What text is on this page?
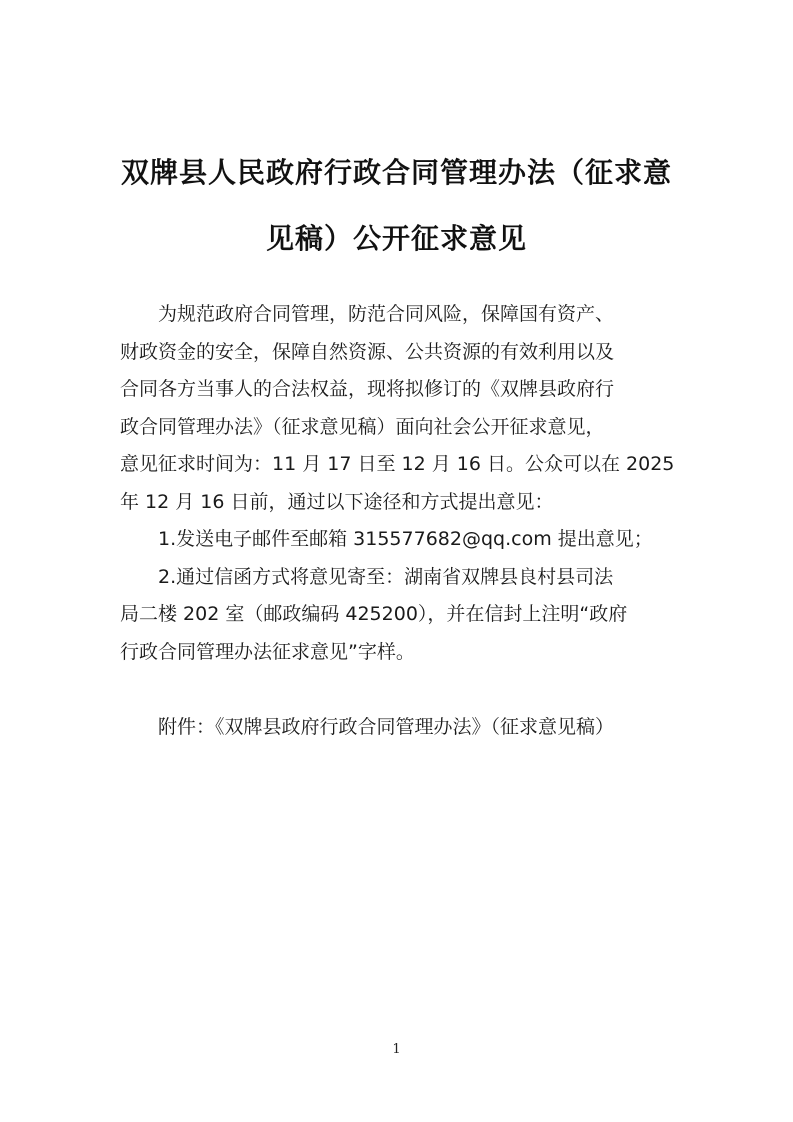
双牌县人民政府行政合同管理办法（征求意
见稿）公开征求意见
为规范政府合同管理，防范合同风险，保障国有资产、
财政资金的安全，保障自然资源、公共资源的有效利用以及
合同各方当事人的合法权益，现将拟修订的《双牌县政府行
政合同管理办法》（征求意见稿）面向社会公开征求意见，
意见征求时间为：11 月 17 日至 12 月 16 日。公众可以在 2025
年 12 月 16 日前，通过以下途径和方式提出意见：
1.发送电子邮件至邮箱 315577682@qq.com 提出意见；
2.通过信函方式将意见寄至：湖南省双牌县良村县司法
局二楼 202 室（邮政编码 425200），并在信封上注明“政府
行政合同管理办法征求意见”字样。
附件：《双牌县政府行政合同管理办法》（征求意见稿）
1
